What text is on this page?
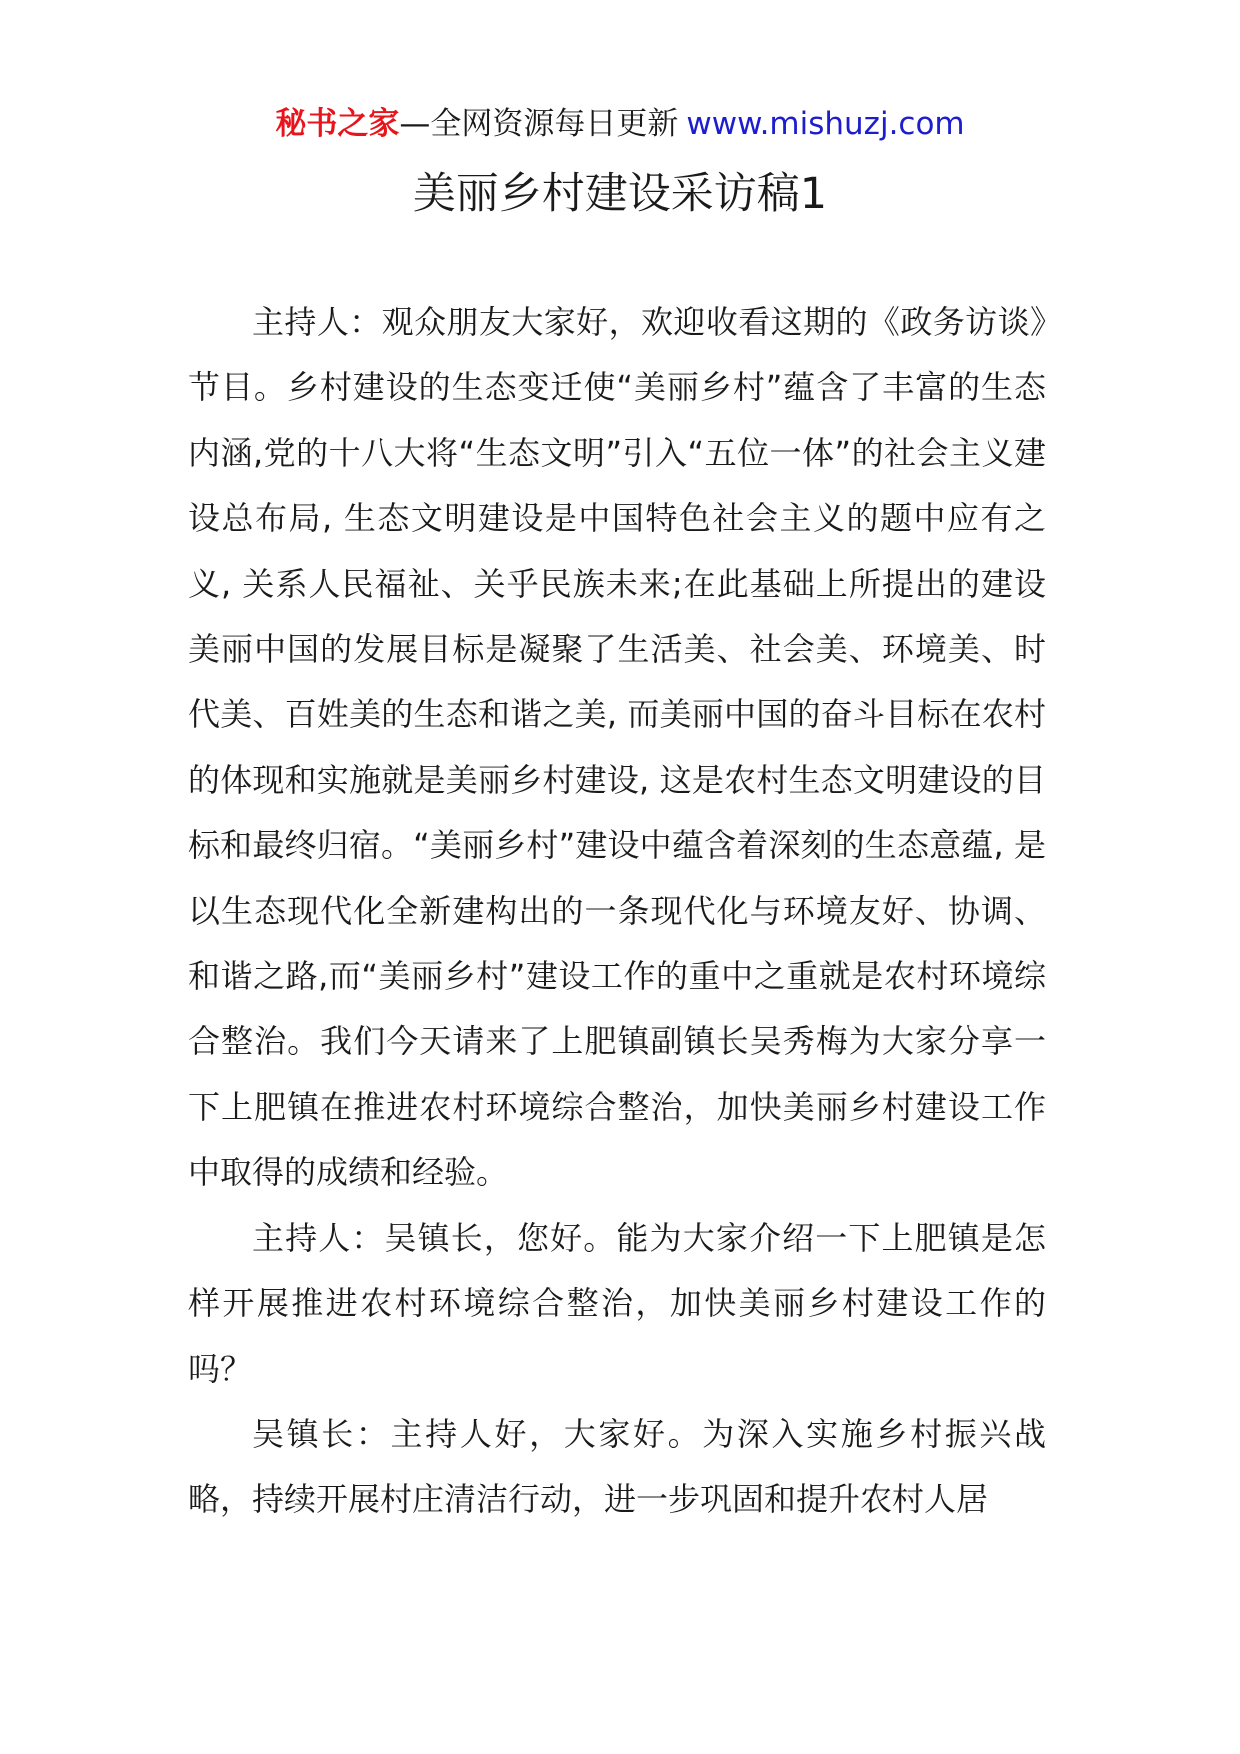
秘书之家—全网资源每日更新 www.mishuzj.com
美丽乡村建设采访稿1

主持人：观众朋友大家好，欢迎收看这期的《政务访谈》节目。乡村建设的生态变迁使“美丽乡村”蕴含了丰富的生态内涵,党的十八大将“生态文明”引入“五位一体”的社会主义建设总布局, 生态文明建设是中国特色社会主义的题中应有之义, 关系人民福祉、关乎民族未来;在此基础上所提出的建设美丽中国的发展目标是凝聚了生活美、社会美、环境美、时代美、百姓美的生态和谐之美, 而美丽中国的奋斗目标在农村的体现和实施就是美丽乡村建设, 这是农村生态文明建设的目标和最终归宿。“美丽乡村”建设中蕴含着深刻的生态意蕴, 是以生态现代化全新建构出的一条现代化与环境友好、协调、和谐之路,而“美丽乡村”建设工作的重中之重就是农村环境综合整治。我们今天请来了上肥镇副镇长吴秀梅为大家分享一下上肥镇在推进农村环境综合整治，加快美丽乡村建设工作中取得的成绩和经验。

主持人：吴镇长，您好。能为大家介绍一下上肥镇是怎样开展推进农村环境综合整治，加快美丽乡村建设工作的吗？

吴镇长：主持人好，大家好。为深入实施乡村振兴战略，持续开展村庄清洁行动，进一步巩固和提升农村人居
